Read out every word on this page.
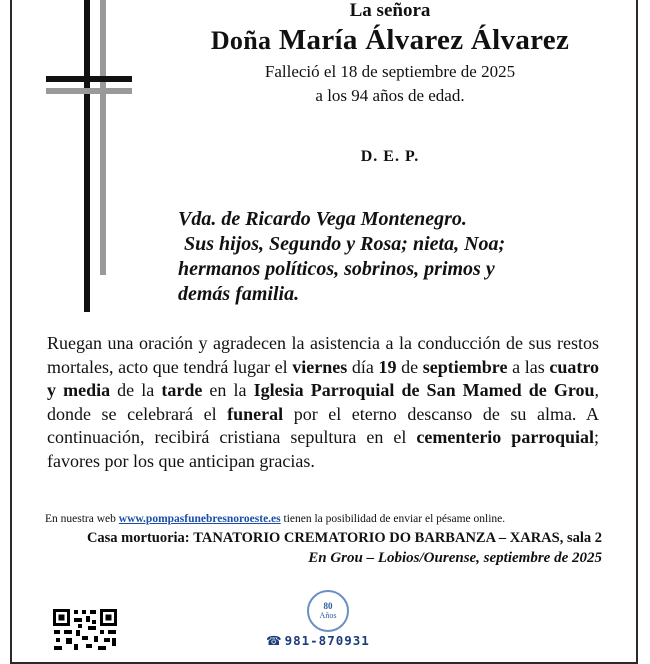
La señora
Doña María Álvarez Álvarez
Falleció el 18 de septiembre de 2025
a los 94 años de edad.
D. E. P.

Vda. de Ricardo Vega Montenegro.
Sus hijos, Segundo y Rosa; nieta, Noa;
hermanos políticos, sobrinos, primos y
demás familia.

Ruegan una oración y agradecen la asistencia a la conducción de sus restos mortales, acto que tendrá lugar el viernes día 19 de septiembre a las cuatro y media de la tarde en la Iglesia Parroquial de San Mamed de Grou, donde se celebrará el funeral por el eterno descanso de su alma. A continuación, recibirá cristiana sepultura en el cementerio parroquial; favores por los que anticipan gracias.

En nuestra web www.pompasfunebresnoroeste.es tienen la posibilidad de enviar el pésame online.
Casa mortuoria: TANATORIO CREMATORIO DO BARBANZA – XARAS, sala 2
En Grou – Lobios/Ourense, septiembre de 2025
80
Años
☎ 981-870931
